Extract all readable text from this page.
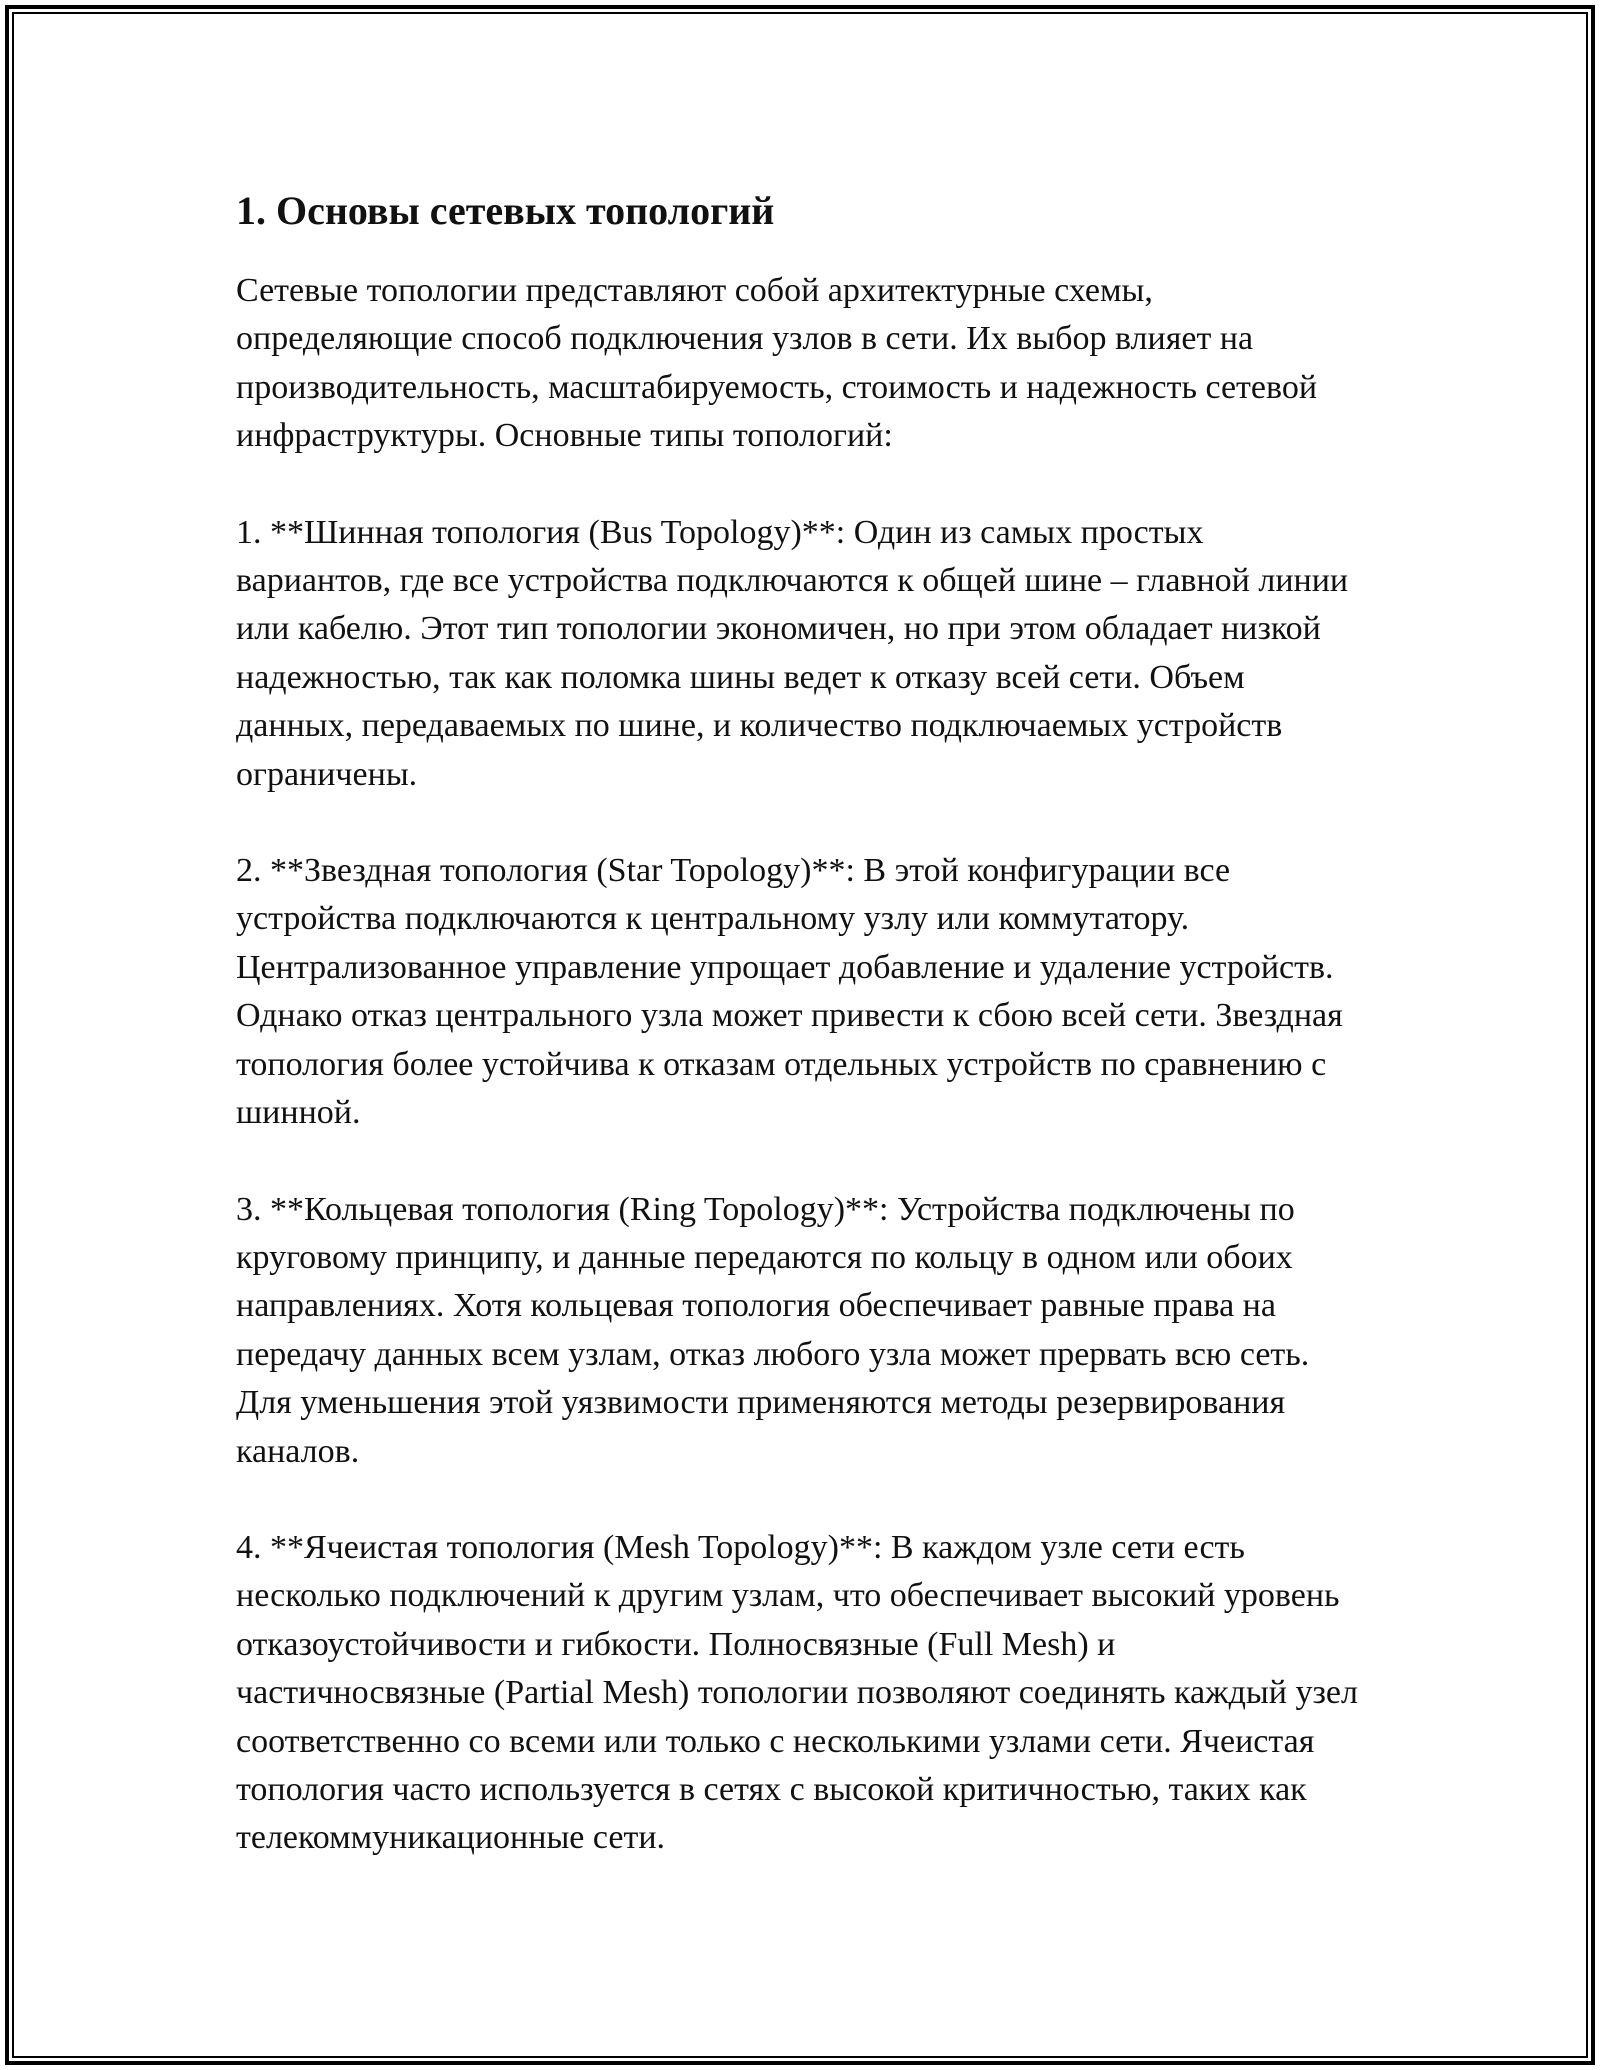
1. Основы сетевых топологий

Сетевые топологии представляют собой архитектурные схемы, определяющие способ подключения узлов в сети. Их выбор влияет на производительность, масштабируемость, стоимость и надежность сетевой инфраструктуры. Основные типы топологий:

1. **Шинная топология (Bus Topology)**: Один из самых простых вариантов, где все устройства подключаются к общей шине – главной линии или кабелю. Этот тип топологии экономичен, но при этом обладает низкой надежностью, так как поломка шины ведет к отказу всей сети. Объем данных, передаваемых по шине, и количество подключаемых устройств ограничены.

2. **Звездная топология (Star Topology)**: В этой конфигурации все устройства подключаются к центральному узлу или коммутатору. Централизованное управление упрощает добавление и удаление устройств. Однако отказ центрального узла может привести к сбою всей сети. Звездная топология более устойчива к отказам отдельных устройств по сравнению с шинной.

3. **Кольцевая топология (Ring Topology)**: Устройства подключены по круговому принципу, и данные передаются по кольцу в одном или обоих направлениях. Хотя кольцевая топология обеспечивает равные права на передачу данных всем узлам, отказ любого узла может прервать всю сеть. Для уменьшения этой уязвимости применяются методы резервирования каналов.

4. **Ячеистая топология (Mesh Topology)**: В каждом узле сети есть несколько подключений к другим узлам, что обеспечивает высокий уровень отказоустойчивости и гибкости. Полносвязные (Full Mesh) и частичносвязные (Partial Mesh) топологии позволяют соединять каждый узел соответственно со всеми или только с несколькими узлами сети. Ячеистая топология часто используется в сетях с высокой критичностью, таких как телекоммуникационные сети.
